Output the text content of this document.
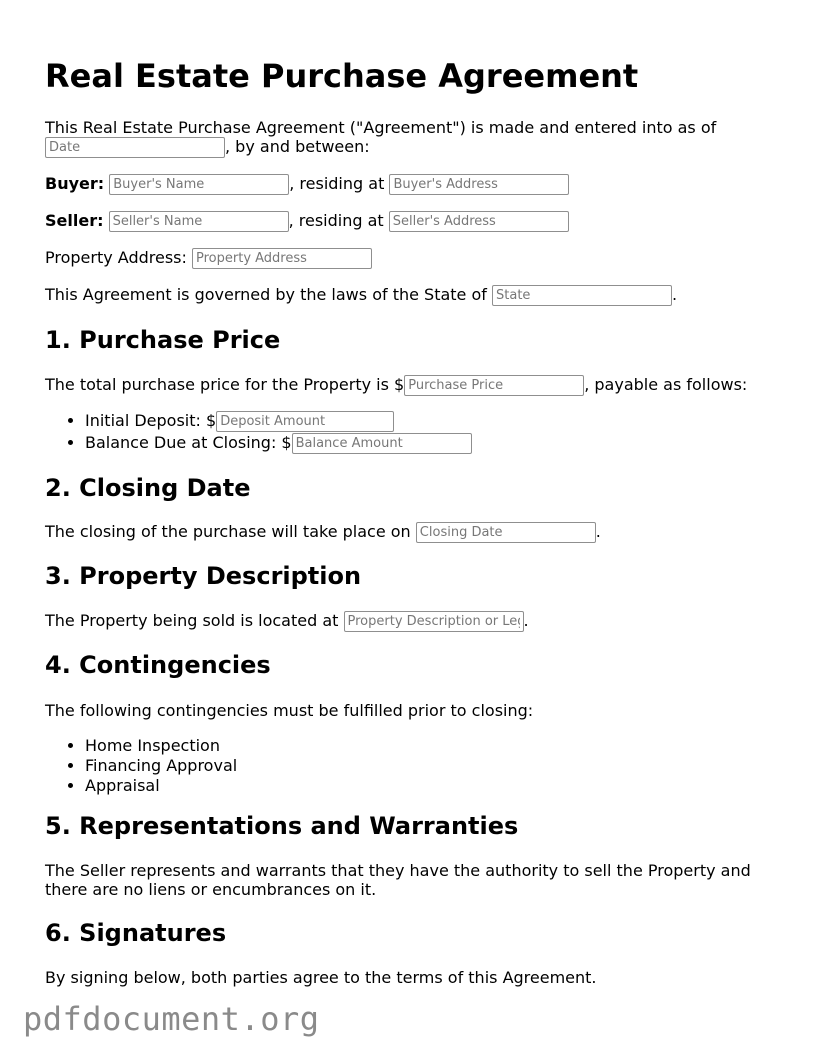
Real Estate Purchase Agreement
This Real Estate Purchase Agreement ("Agreement") is made and entered into as of
Date, by and between:
Buyer: Buyer's Name	, residing at Buyer's Address
Seller: Seller's Name	, residing at Seller's Address
Property Address: Property Address
This Agreement is governed by the laws of the State of State	.
1. Purchase Price
The total purchase price for the Property is $Purchase Price	, payable as follows:
• Initial Deposit: $Deposit Amount
• Balance Due at Closing: $Balance Amount
2. Closing Date
The closing of the purchase will take place on Closing Date	.
3. Property Description
The Property being sold is located at Property Description or Legal Description	.
4. Contingencies
The following contingencies must be fulfilled prior to closing:
• Home Inspection
• Financing Approval
• Appraisal
5. Representations and Warranties
The Seller represents and warrants that they have the authority to sell the Property and
there are no liens or encumbrances on it.
6. Signatures
By signing below, both parties agree to the terms of this Agreement.
pdfdocument.org
